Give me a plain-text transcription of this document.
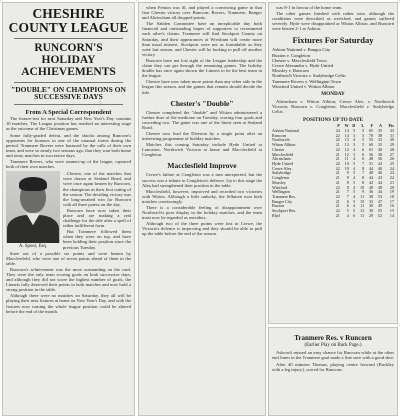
CHESHIRE COUNTY LEAGUE
RUNCORN'S HOLIDAY ACHIEVEMENTS
"DOUBLE" ON CHAMPIONS ON SUCCESSIVE DAYS
From A Special Correspondent

The fixture-test for next Saturday and New Year's Day contains 10 matches. The League position has reached an interesting stage as the outcome of the Christmas games.

Some fully-graded defeat, and the shocks among Runcorn's opponents for honours in one of the unusual forms during the period. Tranmere Rovers were harassed by the calls of their own team, and were so nearly two seasons ago, that they won both home and away matches in successive days.

Tranmere Rovers, who were runners-up of the league, captured both of their own matches.

A. Spoor, Esq.

Chester, one of the matches that were drawn at Sealand Road, and were once again beaten by Runcorn, the champions as their first outing of the season. The deciding victory was the long-awaited win for Runcorn with all three points on the day.

Runcorn have now taken their place and are making a real challenge for the title after a spell of rather indifferent form.

But Tranmere followed them when they were on top, and have been holding their position since the previous Tuesday.

three out of a possible six points and were beaten by Macclesfield, who were one of seven points ahead of them in the table.

Runcorn's achievement was the more outstanding on the card. They were the only team scoring goals on both successive days, and although they did not score the highest number of goals, the Linnets fully deserved their points in both matches and now hold a strong position in the table.

Although there were no matches on Saturday, they all will be playing their next fixtures at home on New Year's Day, and with the fixtures now turning the whole league position could be altered before the end of the month.

when Fenton was ill, and played a convincing game in that first Chester victory over Runcorn. Rovers, Tranmere, Bangor and Altrincham all dropped points.

The Sabden Committee have an inexplicable day both financial and outstanding hopes of supporters to recommend each other's claims. Tranmere will find Stockport County on Saturday, and their appearances at Wrexham will create more than usual interest. Stockport were not as formidable as they were last season, and Chester will be looking to pull off another victory.

Runcorn have not lost sight of the League leadership and the claim they can get through the remaining games. The holiday double has once again shown the Linnets to be the best team in the league.

Chester have now taken more points than any other side in the league this season, and the games that remain should decide the title.

Chester's "Double"

Chester completed the "double" and Witton administered a further dose of the medicine on Tuesday, scoring four goals and conceding two. The game was one of the finest seen at Sealand Road.

Chester now lead the Division by a single point after an interesting programme of holiday matches.

Matches this coming Saturday include Hyde United at Lancaster, Northwich Victoria at home and Macclesfield at Congleton.

Macclesfield Improve

Crewe's failure at Congleton was a turn unexpected, but the success was a tribute to Congleton's defence. Up to this stage the Alex had strengthened their position in the table.

Macclesfield, however, improved and recorded two victories with Witton. Although a little unlucky, the Silkmen won both matches convincingly.

There is a considerable feeling of disappointment over Northwich's poor display in the holiday matches, and the team must now be regarded as outsiders.

Although two of the three points were lost to Crewe, the Victoria's defence is improving and they should be able to pull up the table before the end of the season.

was 8-1 in favour of the home team.

The other games finished with rather ease, although the conditions were described as wretched, and games suffered severely. Hyde were disappointed at Witton Albion, and Runcorn were beaten 2-1 at Ashton.

Fixtures For Saturday
Ashton National v. Bangor City
Buxton v. Congleton
Chester v. Macclesfield Town
Crewe Alexandra v. Hyde United
Mossley v. Runcorn
Northwich Victoria v. Stalybridge Celtic
Tranmere Rovers v. Wellington Town
Winsford United v. Witton Albion
MONDAY

Altrincham v. Witton Albion; Crewe Alex. v. Northwich Victoria; Runcorn v. Congleton; Macclesfield v. Stalybridge Celtic.

POSITIONS UP TO DATE
	P	W	D	L	F	A	Pts
Ashton National	24	14	5	5	65	35	33
Runcorn	22	14	3	5	70	38	31
Northwich	22	13	4	5	55	33	30
Witton Albion	21	13	3	5	60	35	29
Chester	22	12	4	6	61	40	28
Macclesfield	21	12	3	6	56	38	27
Altrincham	21	11	4	6	48	36	26
Hyde United	22	10	5	7	51	44	25
Crewe Alex.	22	10	4	8	44	40	24
Stalybridge	21	9	5	7	48	46	23
Congleton	21	9	4	8	44	43	22
Mossley	21	8	5	8	42	44	21
Winsford	22	8	4	10	40	48	20
Wellington	21	7	5	9	36	44	19
Tranmere Res.	22	7	4	11	38	53	18
Bangor City	21	6	5	10	33	47	17
Buxton	21	6	4	11	30	49	16
Stockport Res.	22	5	5	12	30	55	15
Rhyl	21	4	6	11	29	52	14
Tranmere Res. v Runcorn
(Earlier Play on Back Page.)

Ashcroft missed an easy chance for Runcorn while at the other end Jones in the Tranmere goal made a fine save with a good shot.

After 40 minutes Thomas, playing centre forward (Buckley with a leg injury), scored for Runcorn.
